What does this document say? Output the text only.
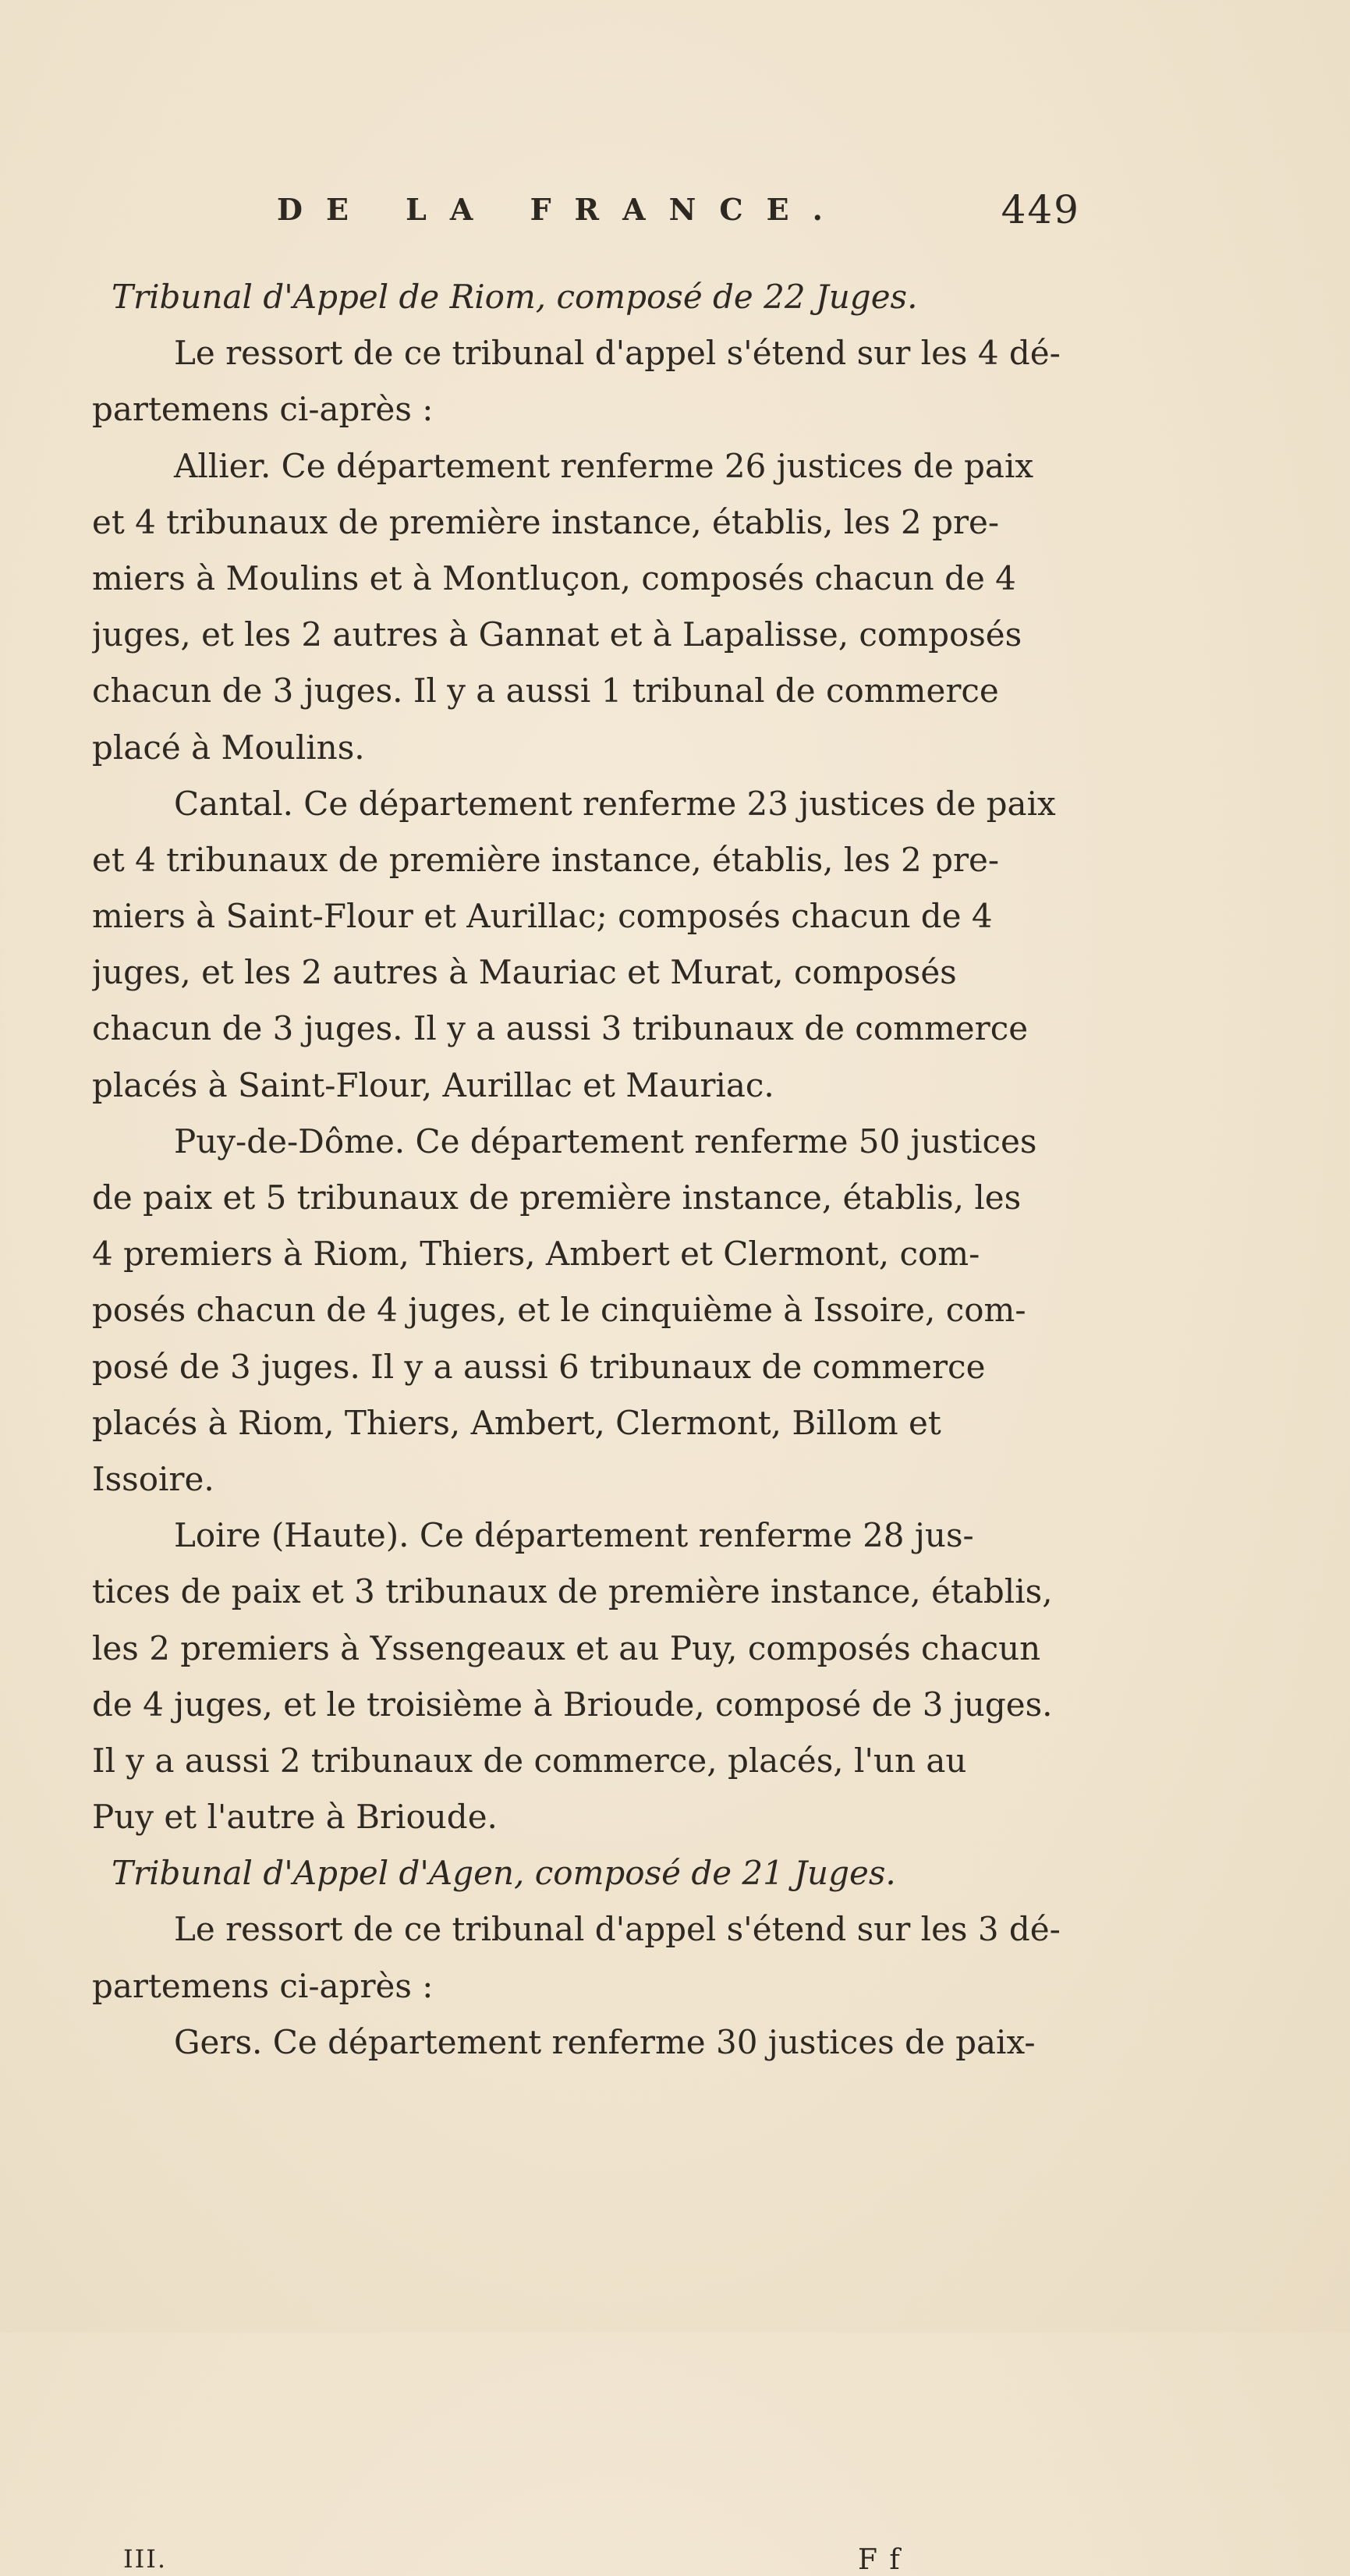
DE LA FRANCE.	449
Tribunal d'Appel de Riom, composé de 22 Juges.
Le ressort de ce tribunal d'appel s'étend sur les 4 dé-
partemens ci-après :
Allier. Ce département renferme 26 justices de paix
et 4 tribunaux de première instance, établis, les 2 pre-
miers à Moulins et à Montluçon, composés chacun de 4
juges, et les 2 autres à Gannat et à Lapalisse, composés
chacun de 3 juges. Il y a aussi 1 tribunal de commerce
placé à Moulins.
Cantal. Ce département renferme 23 justices de paix
et 4 tribunaux de première instance, établis, les 2 pre-
miers à Saint-Flour et Aurillac; composés chacun de 4
juges, et les 2 autres à Mauriac et Murat, composés
chacun de 3 juges. Il y a aussi 3 tribunaux de commerce
placés à Saint-Flour, Aurillac et Mauriac.
Puy-de-Dôme. Ce département renferme 50 justices
de paix et 5 tribunaux de première instance, établis, les
4 premiers à Riom, Thiers, Ambert et Clermont, com-
posés chacun de 4 juges, et le cinquième à Issoire, com-
posé de 3 juges. Il y a aussi 6 tribunaux de commerce
placés à Riom, Thiers, Ambert, Clermont, Billom et
Issoire.
Loire (Haute). Ce département renferme 28 jus-
tices de paix et 3 tribunaux de première instance, établis,
les 2 premiers à Yssengeaux et au Puy, composés chacun
de 4 juges, et le troisième à Brioude, composé de 3 juges.
Il y a aussi 2 tribunaux de commerce, placés, l'un au
Puy et l'autre à Brioude.
Tribunal d'Appel d'Agen, composé de 21 Juges.
Le ressort de ce tribunal d'appel s'étend sur les 3 dé-
partemens ci-après :
Gers. Ce département renferme 30 justices de paix-
III.	F f
